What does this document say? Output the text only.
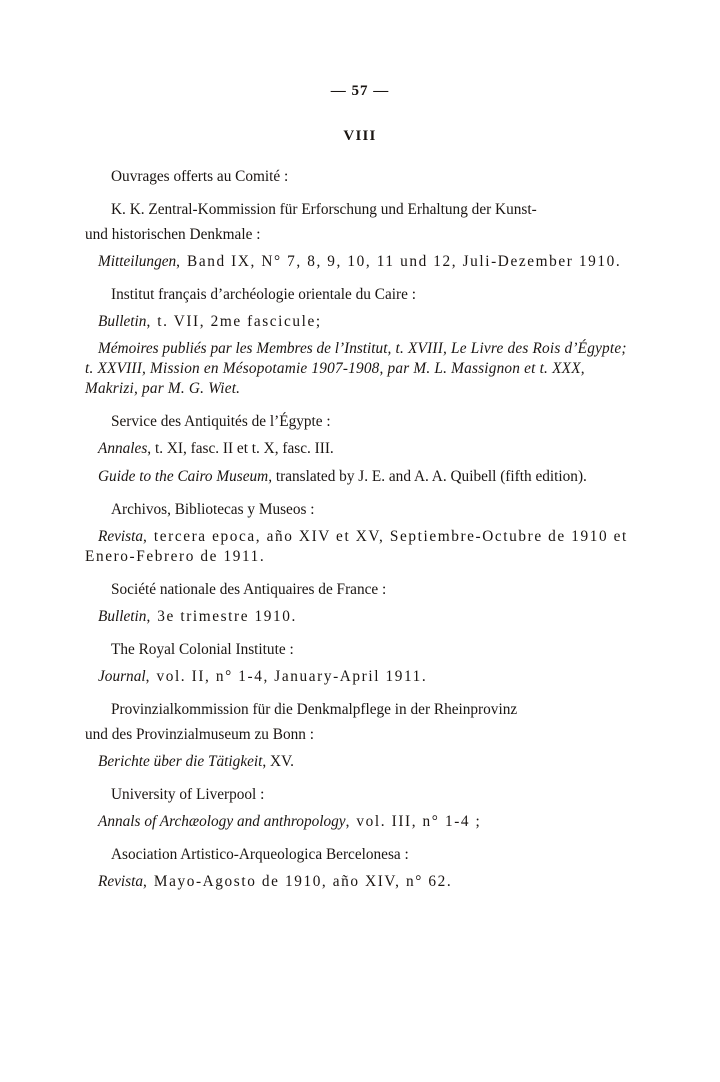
— 57 —
VIII
Ouvrages offerts au Comité :
K. K. Zentral-Kommission für Erforschung und Erhaltung der Kunst-
und historischen Denkmale :
Mitteilungen, Band IX, N° 7, 8, 9, 10, 11 und 12, Juli-Dezember 1910.
Institut français d’archéologie orientale du Caire :
Bulletin, t. VII, 2me fascicule;
Mémoires publiés par les Membres de l’Institut, t. XVIII, Le Livre des Rois d’Égypte; t. XXVIII, Mission en Mésopotamie 1907-1908, par M. L. Massignon et t. XXX, Makrizi, par M. G. Wiet.
Service des Antiquités de l’Égypte :
Annales, t. XI, fasc. II et t. X, fasc. III.
Guide to the Cairo Museum, translated by J. E. and A. A. Quibell (fifth edition).
Archivos, Bibliotecas y Museos :
Revista, tercera epoca, año XIV et XV, Septiembre-Octubre de 1910 et Enero-Febrero de 1911.
Société nationale des Antiquaires de France :
Bulletin, 3e trimestre 1910.
The Royal Colonial Institute :
Journal, vol. II, n° 1-4, January-April 1911.
Provinzialkommission für die Denkmalpflege in der Rheinprovinz
und des Provinzialmuseum zu Bonn :
Berichte über die Tätigkeit, XV.
University of Liverpool :
Annals of Archæology and anthropology, vol. III, n° 1-4 ;
Asociation Artistico-Arqueologica Bercelonesa :
Revista, Mayo-Agosto de 1910, año XIV, n° 62.
